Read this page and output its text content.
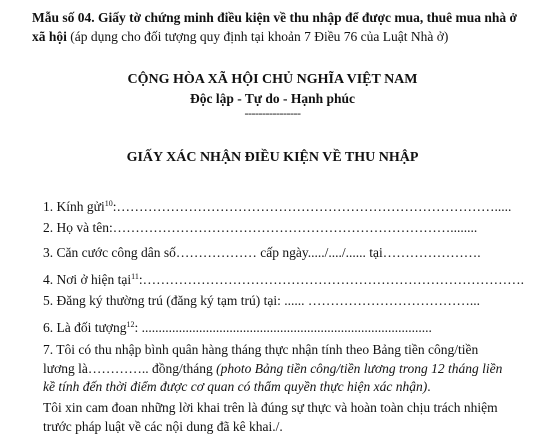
Mẫu số 04. Giấy tờ chứng minh điều kiện về thu nhập để được mua, thuê mua nhà ở xã hội (áp dụng cho đối tượng quy định tại khoản 7 Điều 76 của Luật Nhà ở)
CỘNG HÒA XÃ HỘI CHỦ NGHĨA VIỆT NAM
Độc lập - Tự do - Hạnh phúc
----------------
GIẤY XÁC NHẬN ĐIỀU KIỆN VỀ THU NHẬP
1. Kính gửi$^{10}$:………………………………………………………………………….....
2. Họ và tên:…………………………………………………………………........
3. Căn cước công dân số……………… cấp ngày...../..../...... tại………………….
4. Nơi ở hiện tại$^{11}$:………………………………………………………………………….
5. Đăng ký thường trú (đăng ký tạm trú) tại: ...... ………………………………...
6. Là đối tượng$^{12}$: ......................................................................................
7. Tôi có thu nhập bình quân hàng tháng thực nhận tính theo Bảng tiền công/tiền lương là………….. đồng/tháng (photo Bảng tiền công/tiền lương trong 12 tháng liền kề tính đến thời điểm được cơ quan có thẩm quyền thực hiện xác nhận).
Tôi xin cam đoan những lời khai trên là đúng sự thực và hoàn toàn chịu trách nhiệm trước pháp luật về các nội dung đã kê khai./.
